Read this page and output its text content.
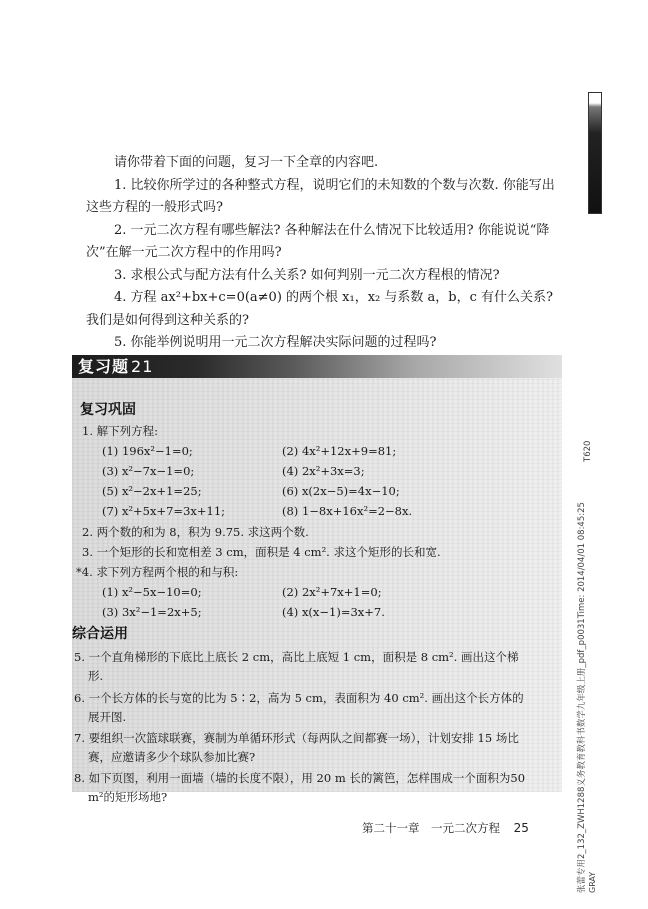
请你带着下面的问题，复习一下全章的内容吧.

1. 比较你所学过的各种整式方程，说明它们的未知数的个数与次数. 你能写出这些方程的一般形式吗?

2. 一元二次方程有哪些解法? 各种解法在什么情况下比较适用? 你能说说“降次”在解一元二次方程中的作用吗?

3. 求根公式与配方法有什么关系? 如何判别一元二次方程根的情况?

4. 方程 ax²+bx+c=0(a≠0) 的两个根 x₁，x₂ 与系数 a，b，c 有什么关系? 我们是如何得到这种关系的?

5. 你能举例说明用一元二次方程解决实际问题的过程吗?

复习题 21
复习巩固
1. 解下列方程:
(1) 196x²−1=0;	(2) 4x²+12x+9=81;
(3) x²−7x−1=0;	(4) 2x²+3x=3;
(5) x²−2x+1=25;	(6) x(2x−5)=4x−10;
(7) x²+5x+7=3x+11;	(8) 1−8x+16x²=2−8x.
2. 两个数的和为 8，积为 9.75. 求这两个数.
3. 一个矩形的长和宽相差 3 cm，面积是 4 cm². 求这个矩形的长和宽.
*4. 求下列方程两个根的和与积:
(1) x²−5x−10=0;	(2) 2x²+7x+1=0;
(3) 3x²−1=2x+5;	(4) x(x−1)=3x+7.
综合运用
5. 一个直角梯形的下底比上底长 2 cm，高比上底短 1 cm，面积是 8 cm². 画出这个梯形.
6. 一个长方体的长与宽的比为 5∶2，高为 5 cm，表面积为 40 cm². 画出这个长方体的展开图.
7. 要组织一次篮球联赛，赛制为单循环形式（每两队之间都赛一场），计划安排 15 场比赛，应邀请多少个球队参加比赛?
8. 如下页图，利用一面墙（墙的长度不限），用 20 m 长的篱笆，怎样围成一个面积为50 m²的矩形场地?
第二十一章　一元二次方程 25
T620
张蕾专用2_132_ZWH1288义务教育教科书数学九年级上册_pdf_p0031Time: 2014/04/01 08:45:25 GRAY
